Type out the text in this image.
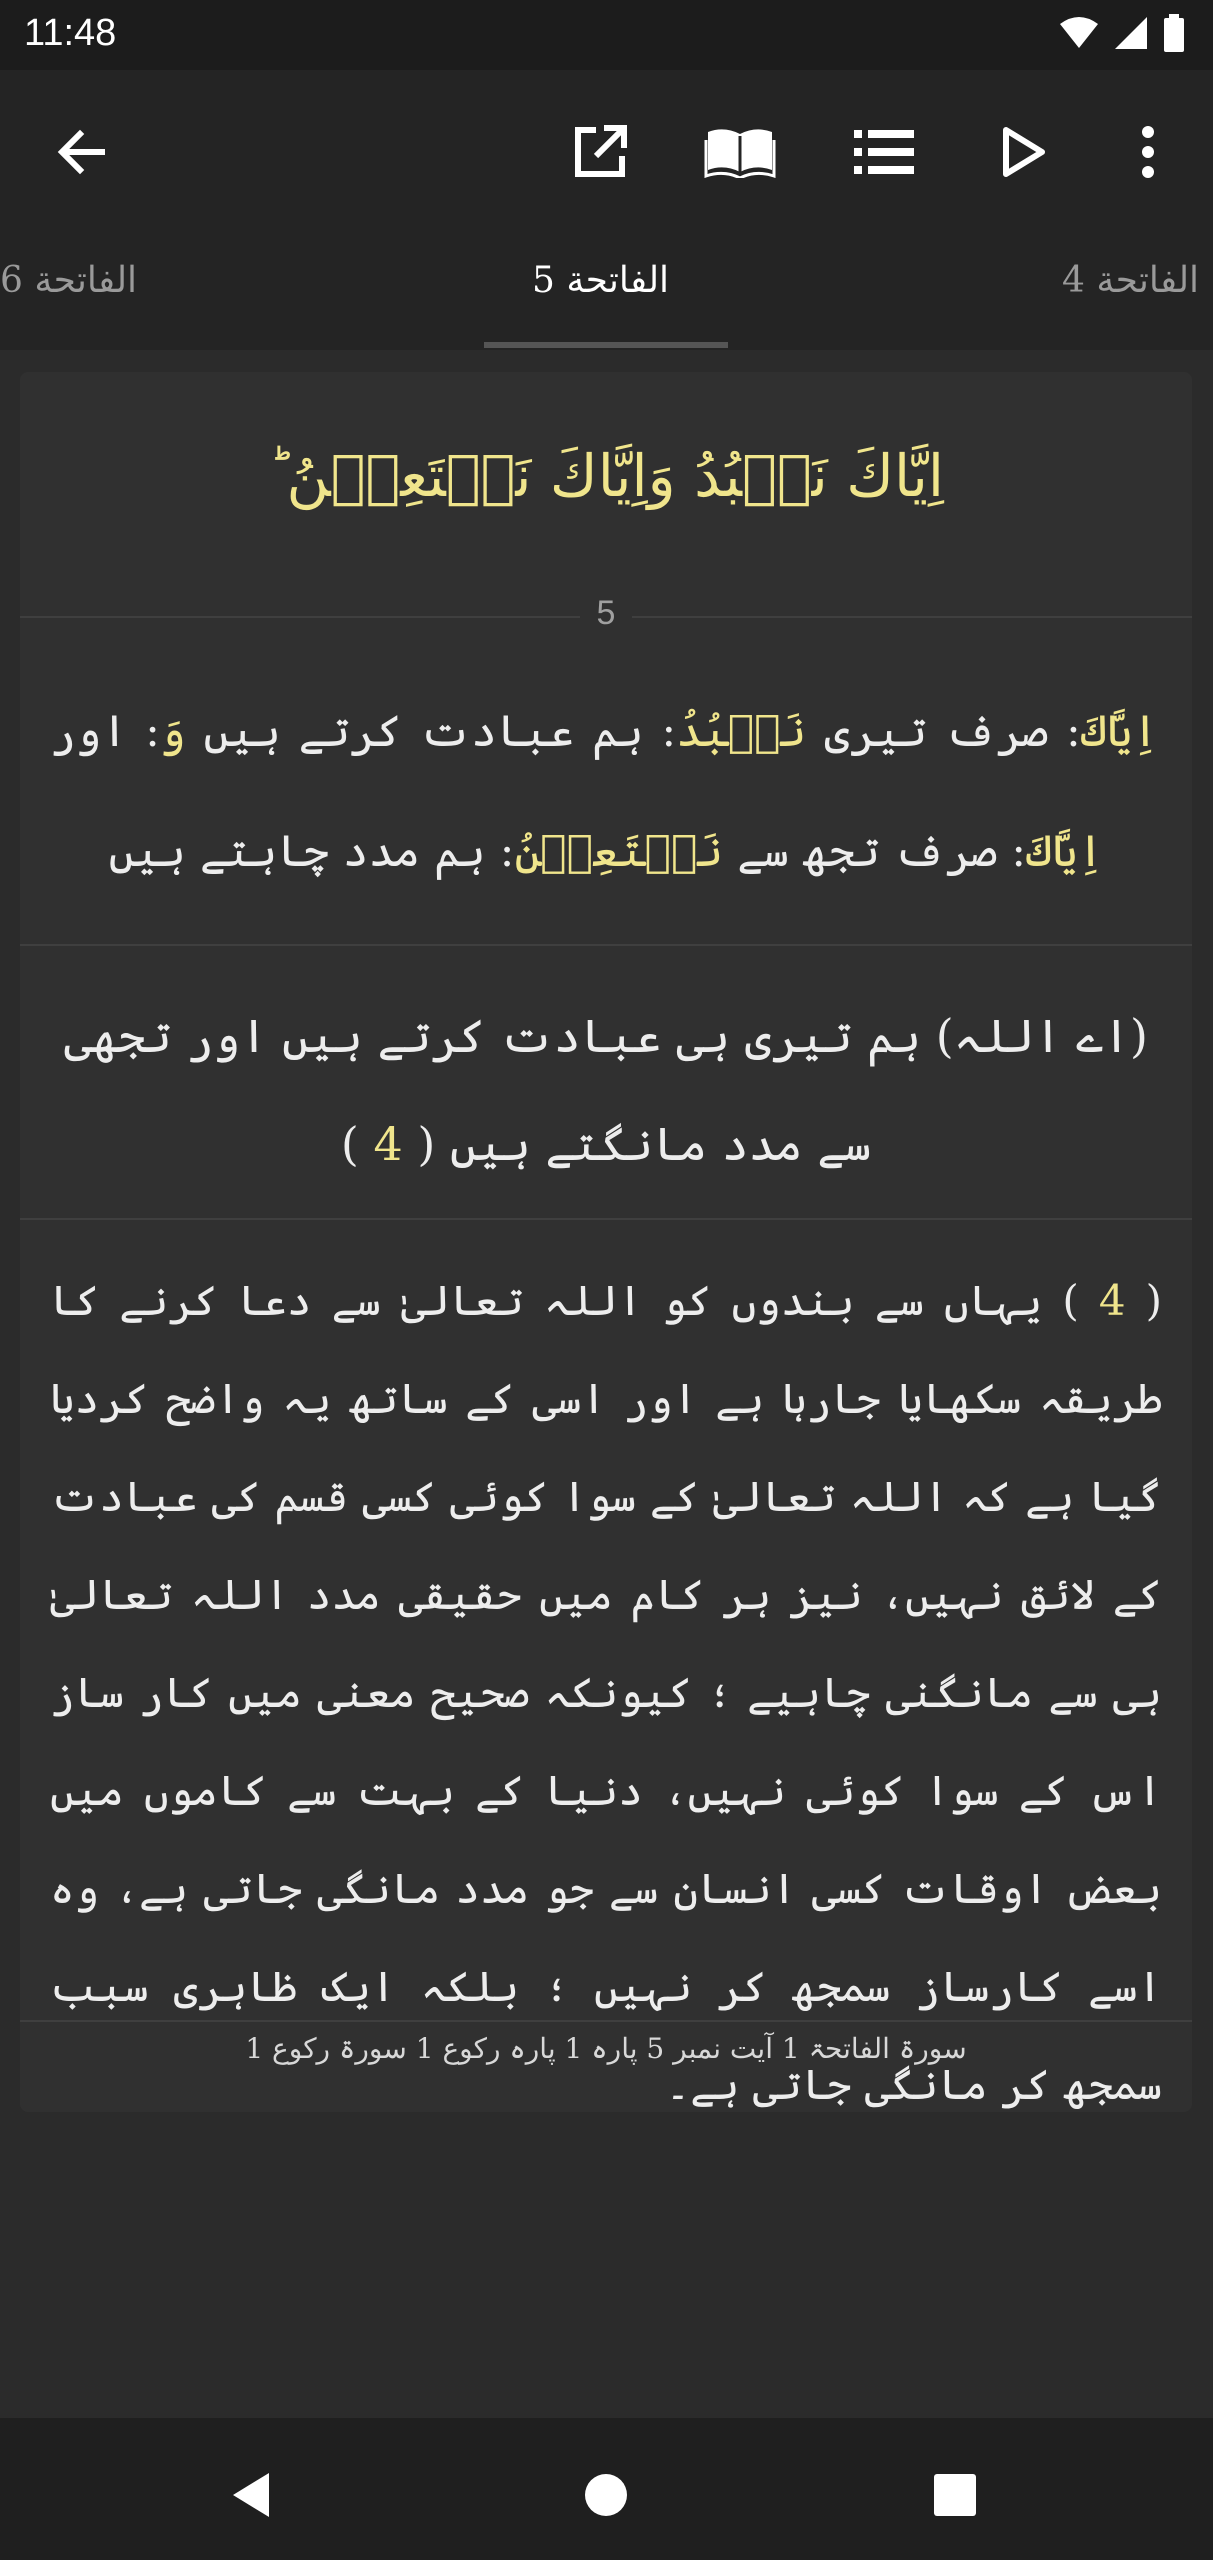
11:48
الفاتحة 6	الفاتحة 5	الفاتحة 4
اِيَّاكَ نَعۡبُدُ وَاِيَّاكَ نَسۡتَعِيۡنُ ؕ
5
اِيَّاكَ: صرف تیری نَعۡبُدُ: ہم عبادت کرتے ہیں وَ: اور اِيَّاكَ: صرف تجھ سے نَسۡتَعِيۡنُ: ہم مدد چاہتے ہیں
(اے اللہ) ہم تیری ہی عبادت کرتے ہیں اور تجھی سے مدد مانگتے ہیں ( 4 )
( 4 ) یہاں سے بندوں کو اللہ تعالیٰ سے دعا کرنے کا طریقہ سکھایا جارہا ہے اور اسی کے ساتھ یہ واضح کردیا گیا ہے کہ اللہ تعالیٰ کے سوا کوئی کسی قسم کی عبادت کے لائق نہیں، نیز ہر کام میں حقیقی مدد اللہ تعالیٰ ہی سے مانگنی چاہیے ؛ کیونکہ صحیح معنی میں کار ساز اس کے سوا کوئی نہیں، دنیا کے بہت سے کاموں میں بعض اوقات کسی انسان سے جو مدد مانگی جاتی ہے، وہ اسے کارساز سمجھ کر نہیں ؛ بلکہ ایک ظاہری سبب سمجھ کر مانگی جاتی ہے۔
سورۃ الفاتحۃ 1 آیت نمبر 5 پارہ 1 پارہ رکوع 1 سورۃ رکوع 1
